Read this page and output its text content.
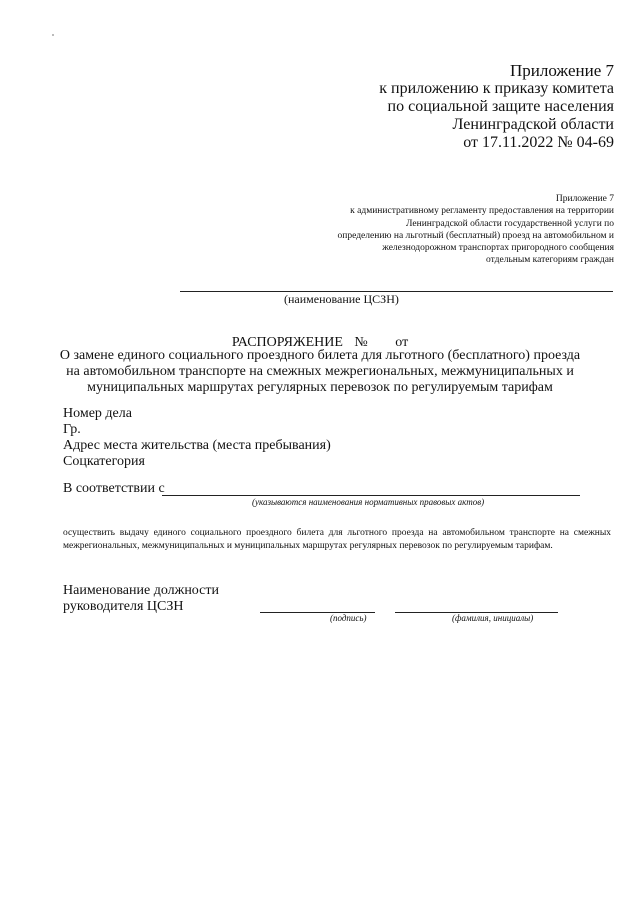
Приложение 7
к приложению к приказу комитета
по социальной защите населения
Ленинградской области
от 17.11.2022 № 04-69
Приложение 7
к административному регламенту предоставления на территории
Ленинградской области государственной услуги по
определению на льготный (бесплатный) проезд на автомобильном и
железнодорожном транспортах пригородного сообщения
отдельным категориям граждан
(наименование ЦСЗН)
РАСПОРЯЖЕНИЕ № от
О замене единого социального проездного билета для льготного (бесплатного) проезда
на автомобильном транспорте на смежных межрегиональных, межмуниципальных и
муниципальных маршрутах регулярных перевозок по регулируемым тарифам
Номер дела
Гр.
Адрес места жительства (места пребывания)
Соцкатегория
В соответствии с
(указываются наименования нормативных правовых актов)
осуществить выдачу единого социального проездного билета для льготного проезда на автомобильном транспорте на смежных межрегиональных, межмуниципальных и муниципальных маршрутах регулярных перевозок по регулируемым тарифам.
Наименование должности
руководителя ЦСЗН
(подпись)	(фамилия, инициалы)
